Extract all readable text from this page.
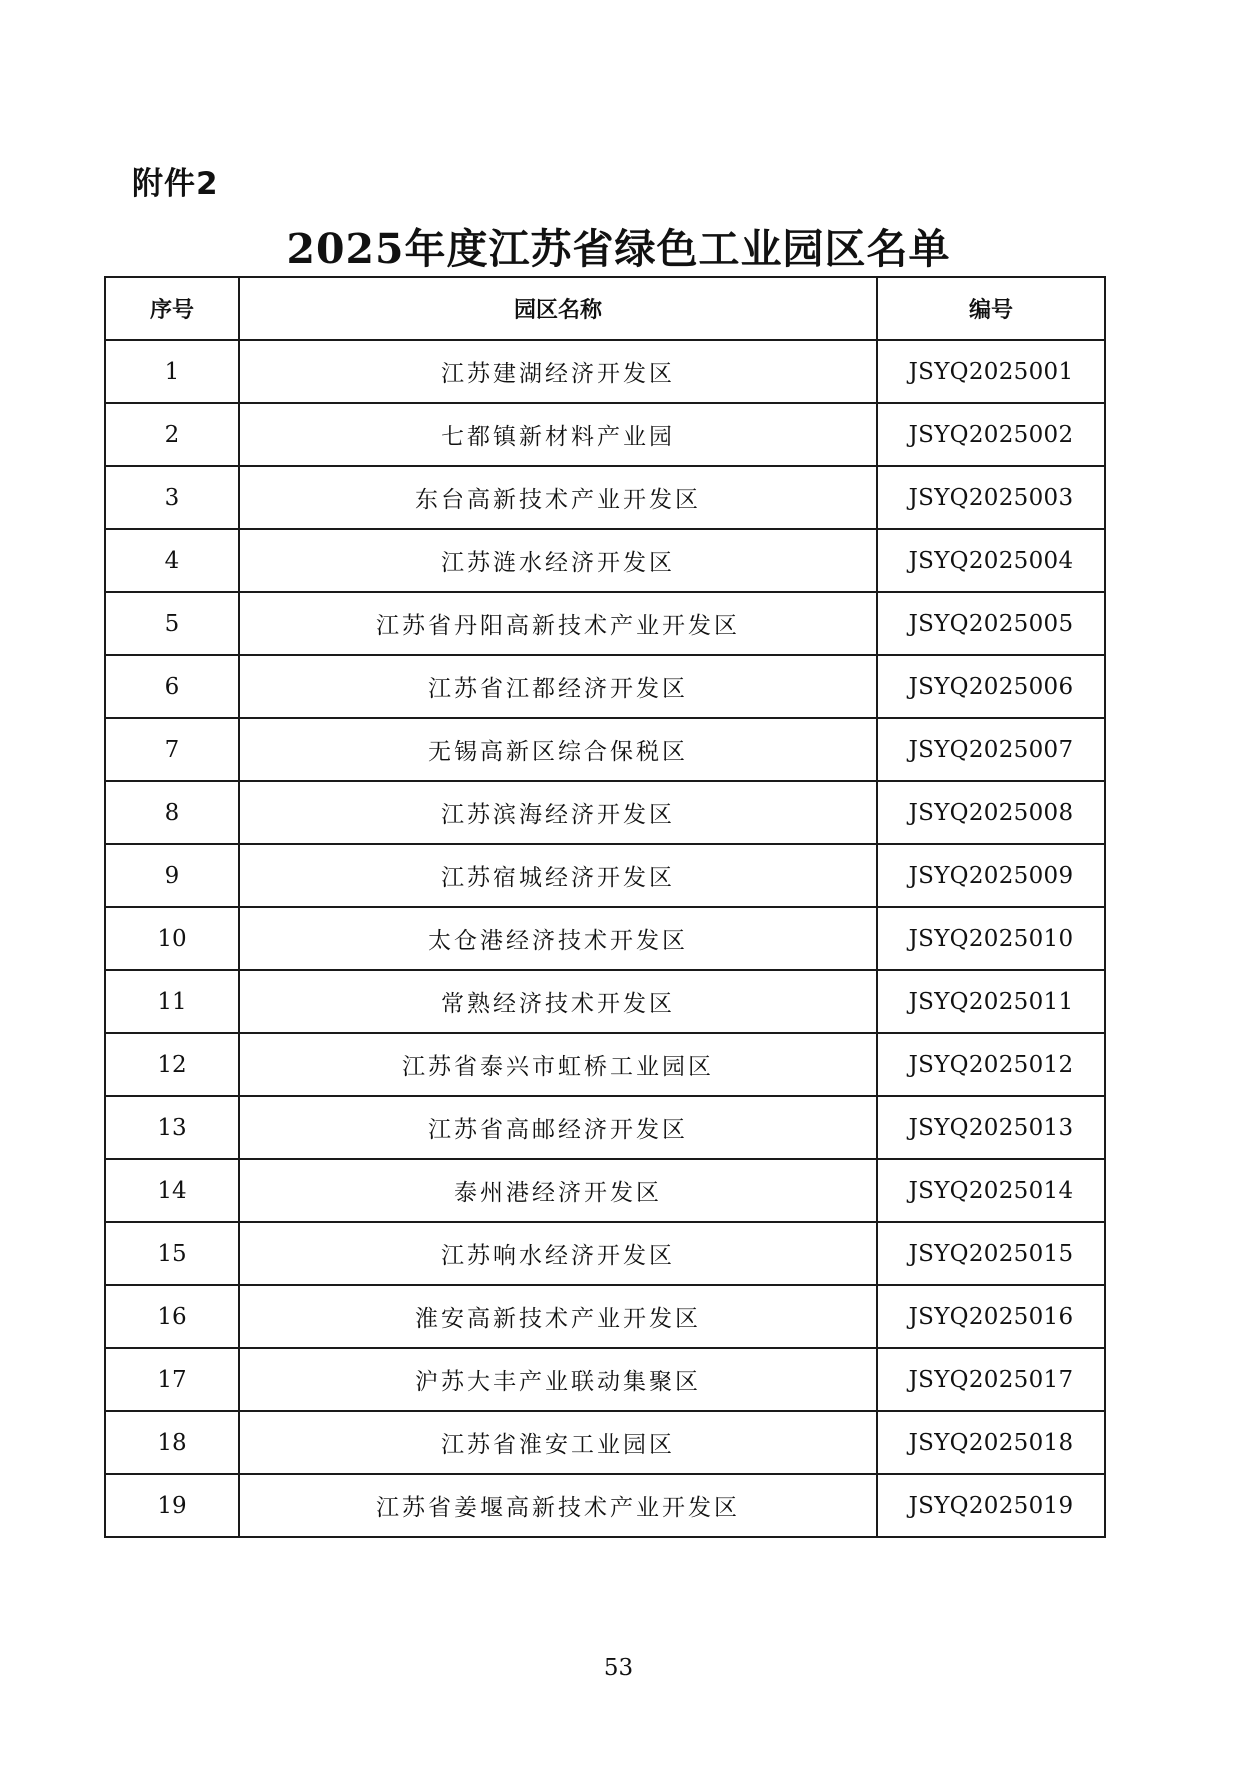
附件2
2025年度江苏省绿色工业园区名单
序号	园区名称	编号
1	江苏建湖经济开发区	JSYQ2025001
2	七都镇新材料产业园	JSYQ2025002
3	东台高新技术产业开发区	JSYQ2025003
4	江苏涟水经济开发区	JSYQ2025004
5	江苏省丹阳高新技术产业开发区	JSYQ2025005
6	江苏省江都经济开发区	JSYQ2025006
7	无锡高新区综合保税区	JSYQ2025007
8	江苏滨海经济开发区	JSYQ2025008
9	江苏宿城经济开发区	JSYQ2025009
10	太仓港经济技术开发区	JSYQ2025010
11	常熟经济技术开发区	JSYQ2025011
12	江苏省泰兴市虹桥工业园区	JSYQ2025012
13	江苏省高邮经济开发区	JSYQ2025013
14	泰州港经济开发区	JSYQ2025014
15	江苏响水经济开发区	JSYQ2025015
16	淮安高新技术产业开发区	JSYQ2025016
17	沪苏大丰产业联动集聚区	JSYQ2025017
18	江苏省淮安工业园区	JSYQ2025018
19	江苏省姜堰高新技术产业开发区	JSYQ2025019
53
